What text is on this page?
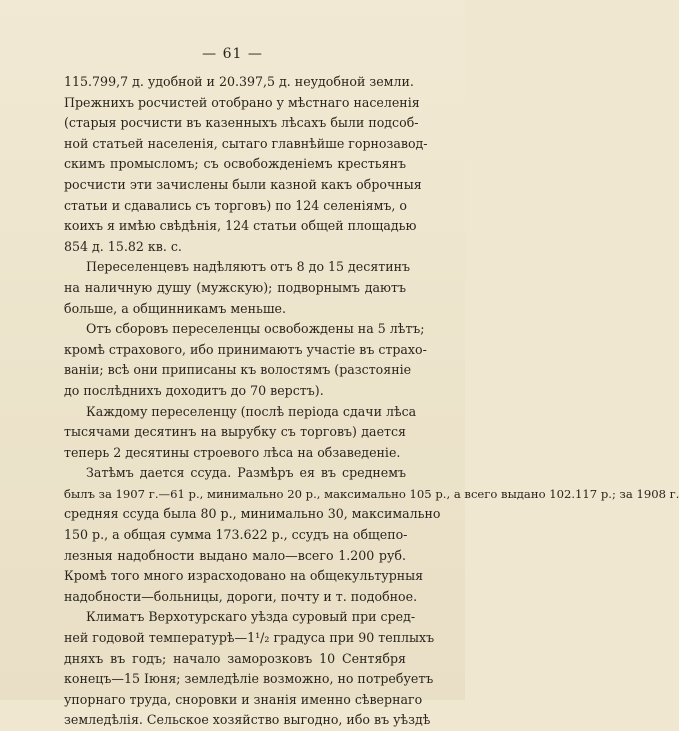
— 61 —

115.799,7 д. удобной и 20.397,5 д. неудобной земли.
Прежнихъ росчистей отобрано у мѣстнаго населенія
(старыя росчисти въ казенныхъ лѣсахъ были подсоб-
ной статьей населенія, сытаго главнѣйше горнозавод-
скимъ промысломъ; съ освобожденіемъ крестьянъ
росчисти эти зачислены были казной какъ оброчныя
статьи и сдавались съ торговъ) по 124 селеніямъ, о
коихъ я имѣю свѣдѣнія, 124 статьи общей площадью
854 д. 15.82 кв. с.

Переселенцевъ надѣляютъ отъ 8 до 15 десятинъ
на наличную душу (мужскую); подворнымъ даютъ
больше, а общинникамъ меньше.

Отъ сборовъ переселенцы освобождены на 5 лѣтъ;
кромѣ страхового, ибо принимаютъ участіе въ страхо-
ваніи; всѣ они приписаны къ волостямъ (разстояніе
до послѣднихъ доходитъ до 70 верстъ).

Каждому переселенцу (послѣ періода сдачи лѣса
тысячами десятинъ на вырубку съ торговъ) дается
теперь 2 десятины строевого лѣса на обзаведеніе.

Затѣмъ дается ссуда. Размѣръ ея въ среднемъ
былъ за 1907 г.—61 р., минимально 20 р., максимально 105 р., а всего выдано 102.117 р.; за 1908 г.
средняя ссуда была 80 р., минимально 30, максимально
150 р., а общая сумма 173.622 р., ссудъ на общепо-
лезныя надобности выдано мало—всего 1.200 руб.
Кромѣ того много израсходовано на общекультурныя
надобности—больницы, дороги, почту и т. подобное.

Климатъ Верхотурскаго уѣзда суровый при сред-
ней годовой температурѣ—1¹/₂ градуса при 90 теплыхъ
дняхъ въ годъ; начало заморозковъ 10 Сентября
конецъ—15 Іюня; земледѣліе возможно, но потребуетъ
упорнаго труда, сноровки и знанія именно сѣвернаго
земледѣлія. Сельское хозяйство выгодно, ибо въ уѣздѣ
